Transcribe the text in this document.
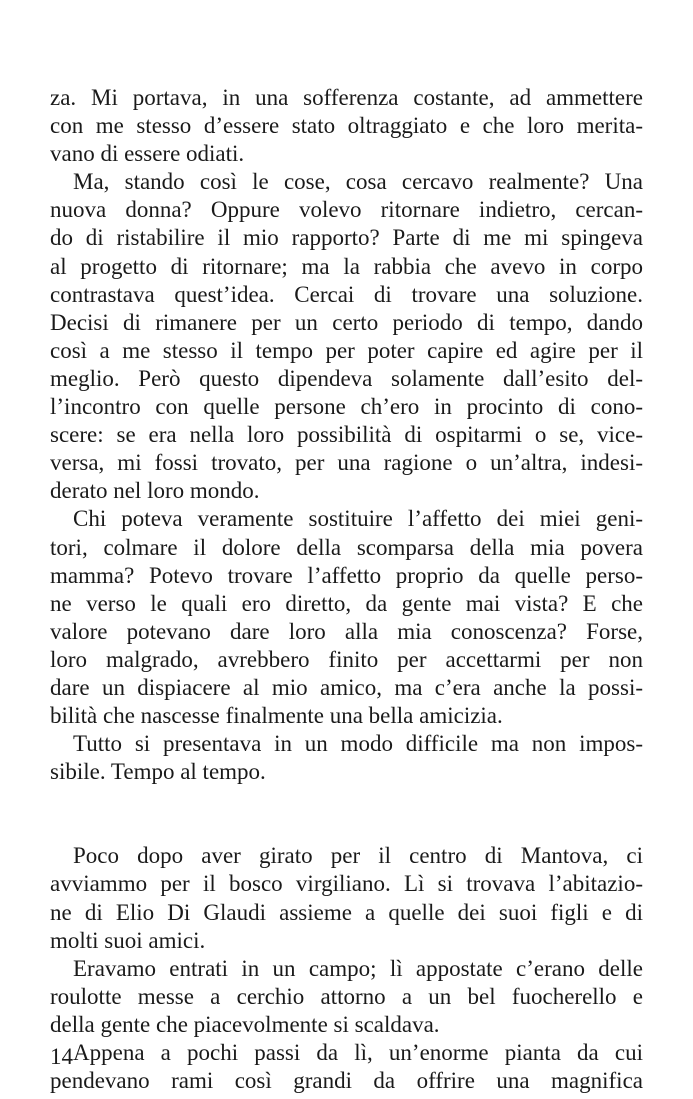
za. Mi portava, in una sofferenza costante, ad ammettere
con me stesso d’essere stato oltraggiato e che loro merita-
vano di essere odiati.

Ma, stando così le cose, cosa cercavo realmente? Una
nuova donna? Oppure volevo ritornare indietro, cercan-
do di ristabilire il mio rapporto? Parte di me mi spingeva
al progetto di ritornare; ma la rabbia che avevo in corpo
contrastava quest’idea. Cercai di trovare una soluzione.
Decisi di rimanere per un certo periodo di tempo, dando
così a me stesso il tempo per poter capire ed agire per il
meglio. Però questo dipendeva solamente dall’esito del-
l’incontro con quelle persone ch’ero in procinto di cono-
scere: se era nella loro possibilità di ospitarmi o se, vice-
versa, mi fossi trovato, per una ragione o un’altra, indesi-
derato nel loro mondo.

Chi poteva veramente sostituire l’affetto dei miei geni-
tori, colmare il dolore della scomparsa della mia povera
mamma? Potevo trovare l’affetto proprio da quelle perso-
ne verso le quali ero diretto, da gente mai vista? E che
valore potevano dare loro alla mia conoscenza? Forse,
loro malgrado, avrebbero finito per accettarmi per non
dare un dispiacere al mio amico, ma c’era anche la possi-
bilità che nascesse finalmente una bella amicizia.

Tutto si presentava in un modo difficile ma non impos-
sibile. Tempo al tempo.

Poco dopo aver girato per il centro di Mantova, ci
avviammo per il bosco virgiliano. Lì si trovava l’abitazio-
ne di Elio Di Glaudi assieme a quelle dei suoi figli e di
molti suoi amici.

Eravamo entrati in un campo; lì appostate c’erano delle
roulotte messe a cerchio attorno a un bel fuocherello e
della gente che piacevolmente si scaldava.

Appena a pochi passi da lì, un’enorme pianta da cui
pendevano rami così grandi da offrire una magnifica

14
